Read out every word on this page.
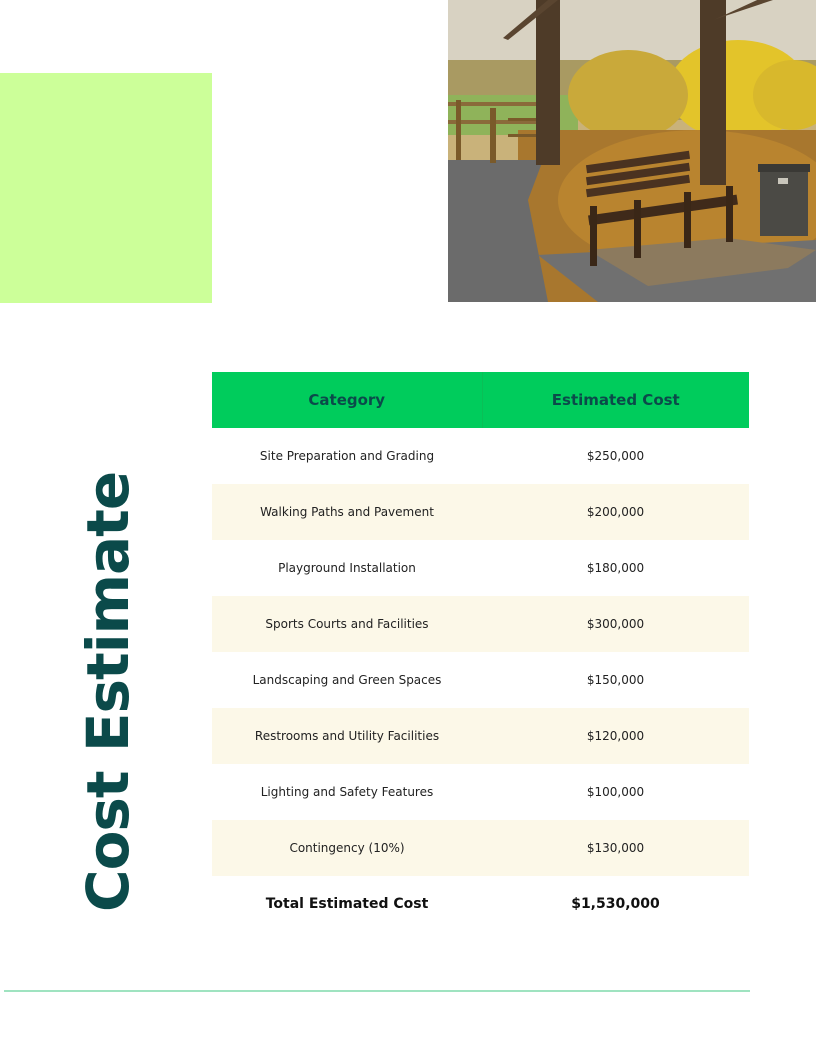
Cost Estimate
Category	Estimated Cost
Site Preparation and Grading	$250,000
Walking Paths and Pavement	$200,000
Playground Installation	$180,000
Sports Courts and Facilities	$300,000
Landscaping and Green Spaces	$150,000
Restrooms and Utility Facilities	$120,000
Lighting and Safety Features	$100,000
Contingency (10%)	$130,000
Total Estimated Cost	$1,530,000
